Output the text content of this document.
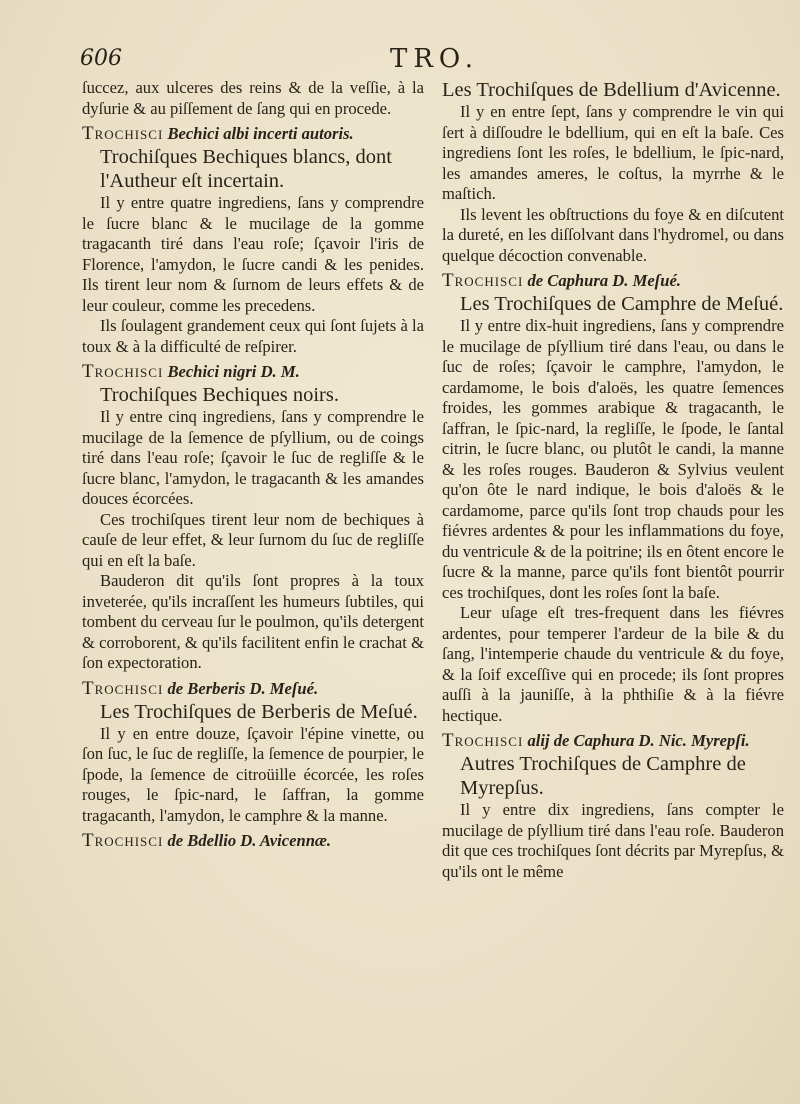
606	TRO.

ſuccez, aux ulceres des reins & de la veſſie, à la dyſurie & au piſſement de ſang qui en procede.

Trochisci Bechici albi incerti autoris.
Trochiſques Bechiques blancs, dont l'Autheur eſt incertain.

Il y entre quatre ingrediens, ſans y comprendre le ſucre blanc & le mucilage de la gomme tragacanth tiré dans l'eau roſe; ſçavoir l'iris de Florence, l'amydon, le ſucre candi & les penides. Ils tirent leur nom & ſurnom de leurs effets & de leur couleur, comme les precedens.

Ils ſoulagent grandement ceux qui ſont ſujets à la toux & à la difficulté de reſpirer.

Trochisci Bechici nigri D. M.
Trochiſques Bechiques noirs.

Il y entre cinq ingrediens, ſans y comprendre le mucilage de la ſemence de pſyllium, ou de coings tiré dans l'eau roſe; ſçavoir le ſuc de regliſſe & le ſucre blanc, l'amydon, le tragacanth & les amandes douces écorcées.

Ces trochiſques tirent leur nom de bechiques à cauſe de leur effet, & leur ſurnom du ſuc de regliſſe qui en eſt la baſe.

Bauderon dit qu'ils ſont propres à la toux inveterée, qu'ils incraſſent les humeurs ſubtiles, qui tombent du cerveau ſur le poulmon, qu'ils detergent & corroborent, & qu'ils facilitent enfin le crachat & ſon expectoration.

Trochisci de Berberis D. Meſué.
Les Trochiſques de Berberis de Meſué.

Il y en entre douze, ſçavoir l'épine vinette, ou ſon ſuc, le ſuc de regliſſe, la ſemence de pourpier, le ſpode, la ſemence de citroüille écorcée, les roſes rouges, le ſpic-nard, le ſaffran, la gomme tragacanth, l'amydon, le camphre & la manne.

Trochisci de Bdellio D. Avicennæ.
Les Trochiſques de Bdellium d'Avicenne.

Il y en entre ſept, ſans y comprendre le vin qui ſert à diſſoudre le bdellium, qui en eſt la baſe. Ces ingrediens ſont les roſes, le bdellium, le ſpic-nard, les amandes ameres, le coſtus, la myrrhe & le maſtich.

Ils levent les obſtructions du foye & en diſcutent la dureté, en les diſſolvant dans l'hydromel, ou dans quelque décoction convenable.

Trochisci de Caphura D. Meſué.
Les Trochiſques de Camphre de Meſué.

Il y entre dix-huit ingrediens, ſans y comprendre le mucilage de pſyllium tiré dans l'eau, ou dans le ſuc de roſes; ſçavoir le camphre, l'amydon, le cardamome, le bois d'aloës, les quatre ſemences froides, les gommes arabique & tragacanth, le ſaffran, le ſpic-nard, la regliſſe, le ſpode, le ſantal citrin, le ſucre blanc, ou plutôt le candi, la manne & les roſes rouges. Bauderon & Sylvius veulent qu'on ôte le nard indique, le bois d'aloës & le cardamome, parce qu'ils ſont trop chauds pour les fiévres ardentes & pour les inflammations du foye, du ventricule & de la poitrine; ils en ôtent encore le ſucre & la manne, parce qu'ils font bientôt pourrir ces trochiſques, dont les roſes ſont la baſe.

Leur uſage eſt tres-frequent dans les fiévres ardentes, pour temperer l'ardeur de la bile & du ſang, l'intemperie chaude du ventricule & du foye, & la ſoif exceſſive qui en procede; ils ſont propres auſſi à la jauniſſe, à la phthiſie & à la fiévre hectique.

Trochisci alij de Caphura D. Nic. Myrepſi.
Autres Trochiſques de Camphre de Myrepſus.

Il y entre dix ingrediens, ſans compter le mucilage de pſyllium tiré dans l'eau roſe. Bauderon dit que ces trochiſques ſont décrits par Myrepſus, & qu'ils ont le même
